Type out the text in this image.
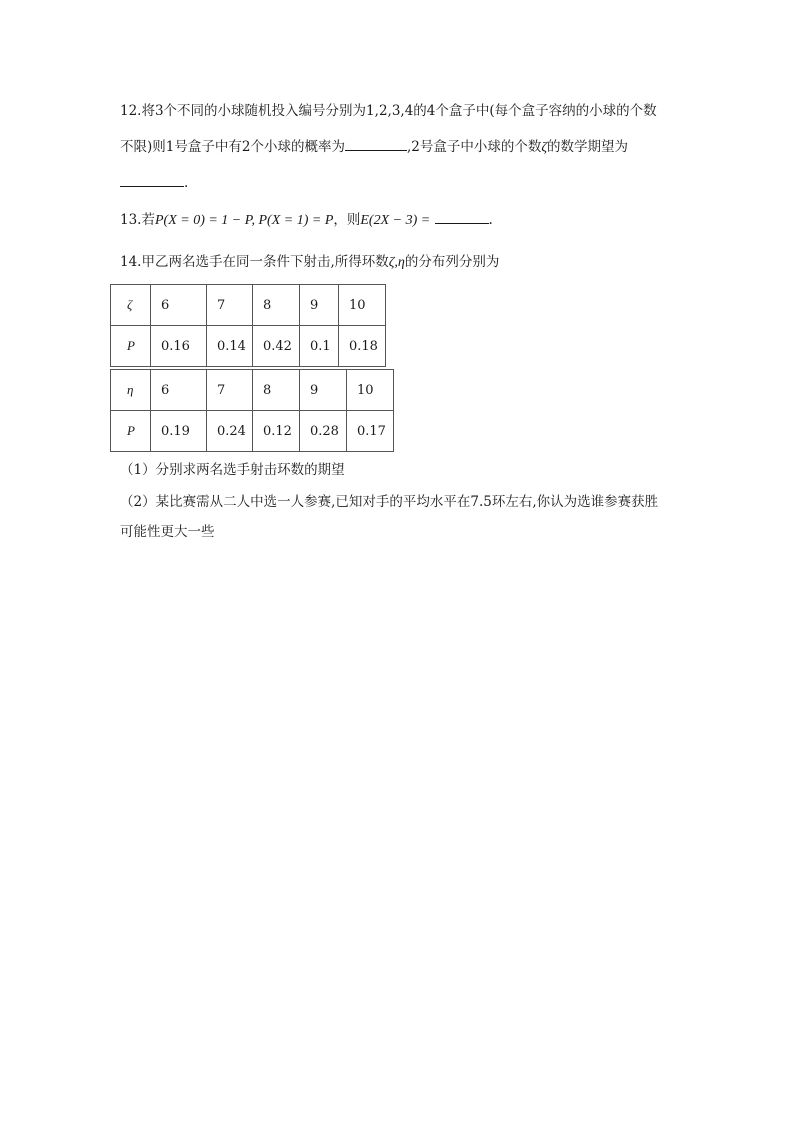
12.将3个不同的小球随机投入编号分别为1,2,3,4的4个盒子中(每个盒子容纳的小球的个数
不限)则1号盒子中有2个小球的概率为	,2号盒子中小球的个数ζ的数学期望为
.
13.若P(X = 0) = 1 − P, P(X = 1) = P，则E(2X − 3) =	.
14.甲乙两名选手在同一条件下射击,所得环数ζ,η的分布列分别为
ζ	6	7	8	9	10
P	0.16	0.14	0.42	0.1	0.18
η	6	7	8	9	10
P	0.19	0.24	0.12	0.28	0.17
（1）分别求两名选手射击环数的期望
（2）某比赛需从二人中选一人参赛,已知对手的平均水平在7.5环左右,你认为选谁参赛获胜
可能性更大一些
